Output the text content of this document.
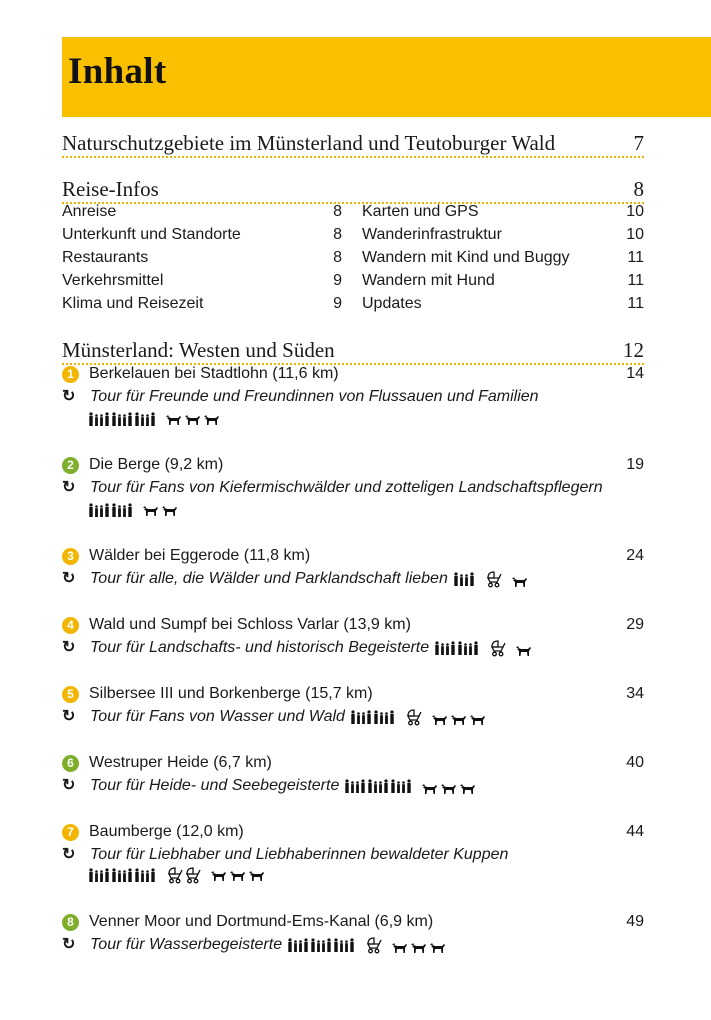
Inhalt
Naturschutzgebiete im Münsterland und Teutoburger Wald	7
Reise-Infos	8
Anreise	8
Unterkunft und Standorte	8
Restaurants	8
Verkehrsmittel	9
Klima und Reisezeit	9
Karten und GPS	10
Wanderinfrastruktur	10
Wandern mit Kind und Buggy	11
Wandern mit Hund	11
Updates	11
Münsterland: Westen und Süden	12
1 Berkelauen bei Stadtlohn (11,6 km)	14
↻ Tour für Freunde und Freundinnen von Flussauen und Familien
2 Die Berge (9,2 km)	19
↻ Tour für Fans von Kiefermischwälder und zotteligen Landschaftspflegern
3 Wälder bei Eggerode (11,8 km)	24
↻ Tour für alle, die Wälder und Parklandschaft lieben
4 Wald und Sumpf bei Schloss Varlar (13,9 km)	29
↻ Tour für Landschafts- und historisch Begeisterte
5 Silbersee III und Borkenberge (15,7 km)	34
↻ Tour für Fans von Wasser und Wald
6 Westruper Heide (6,7 km)	40
↻ Tour für Heide- und Seebegeisterte
7 Baumberge (12,0 km)	44
↻ Tour für Liebhaber und Liebhaberinnen bewaldeter Kuppen
8 Venner Moor und Dortmund-Ems-Kanal (6,9 km)	49
↻ Tour für Wasserbegeisterte
